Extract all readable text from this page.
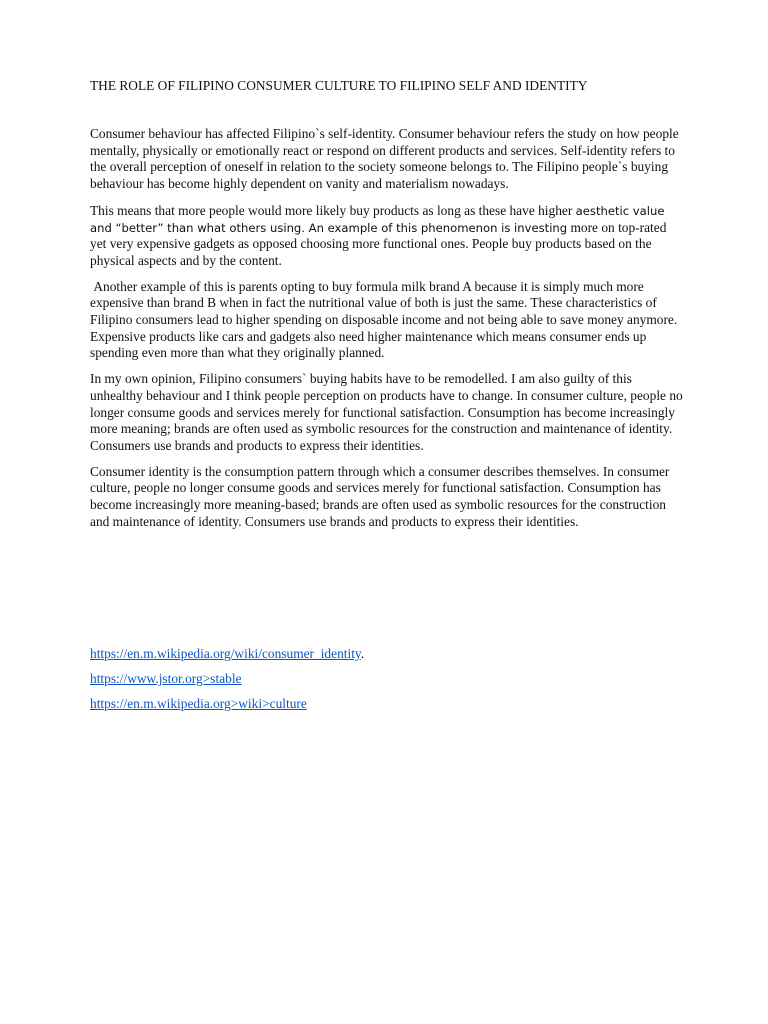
THE ROLE OF FILIPINO CONSUMER CULTURE TO FILIPINO SELF AND IDENTITY

Consumer behaviour has affected Filipino`s self-identity. Consumer behaviour refers the study on how people mentally, physically or emotionally react or respond on different products and services. Self-identity refers to the overall perception of oneself in relation to the society someone belongs to. The Filipino people`s buying behaviour has become highly dependent on vanity and materialism nowadays.

This means that more people would more likely buy products as long as these have higher aesthetic value and “better” than what others using. An example of this phenomenon is investing more on top-rated yet very expensive gadgets as opposed choosing more functional ones. People buy products based on the physical aspects and by the content.

Another example of this is parents opting to buy formula milk brand A because it is simply much more expensive than brand B when in fact the nutritional value of both is just the same. These characteristics of Filipino consumers lead to higher spending on disposable income and not being able to save money anymore. Expensive products like cars and gadgets also need higher maintenance which means consumer ends up spending even more than what they originally planned.

In my own opinion, Filipino consumers` buying habits have to be remodelled. I am also guilty of this unhealthy behaviour and I think people perception on products have to change. In consumer culture, people no longer consume goods and services merely for functional satisfaction. Consumption has become increasingly more meaning; brands are often used as symbolic resources for the construction and maintenance of identity. Consumers use brands and products to express their identities.

Consumer identity is the consumption pattern through which a consumer describes themselves. In consumer culture, people no longer consume goods and services merely for functional satisfaction. Consumption has become increasingly more meaning-based; brands are often used as symbolic resources for the construction and maintenance of identity. Consumers use brands and products to express their identities.

https://en.m.wikipedia.org/wiki/consumer_identity.
https://www.jstor.org>stable
https://en.m.wikipedia.org>wiki>culture
